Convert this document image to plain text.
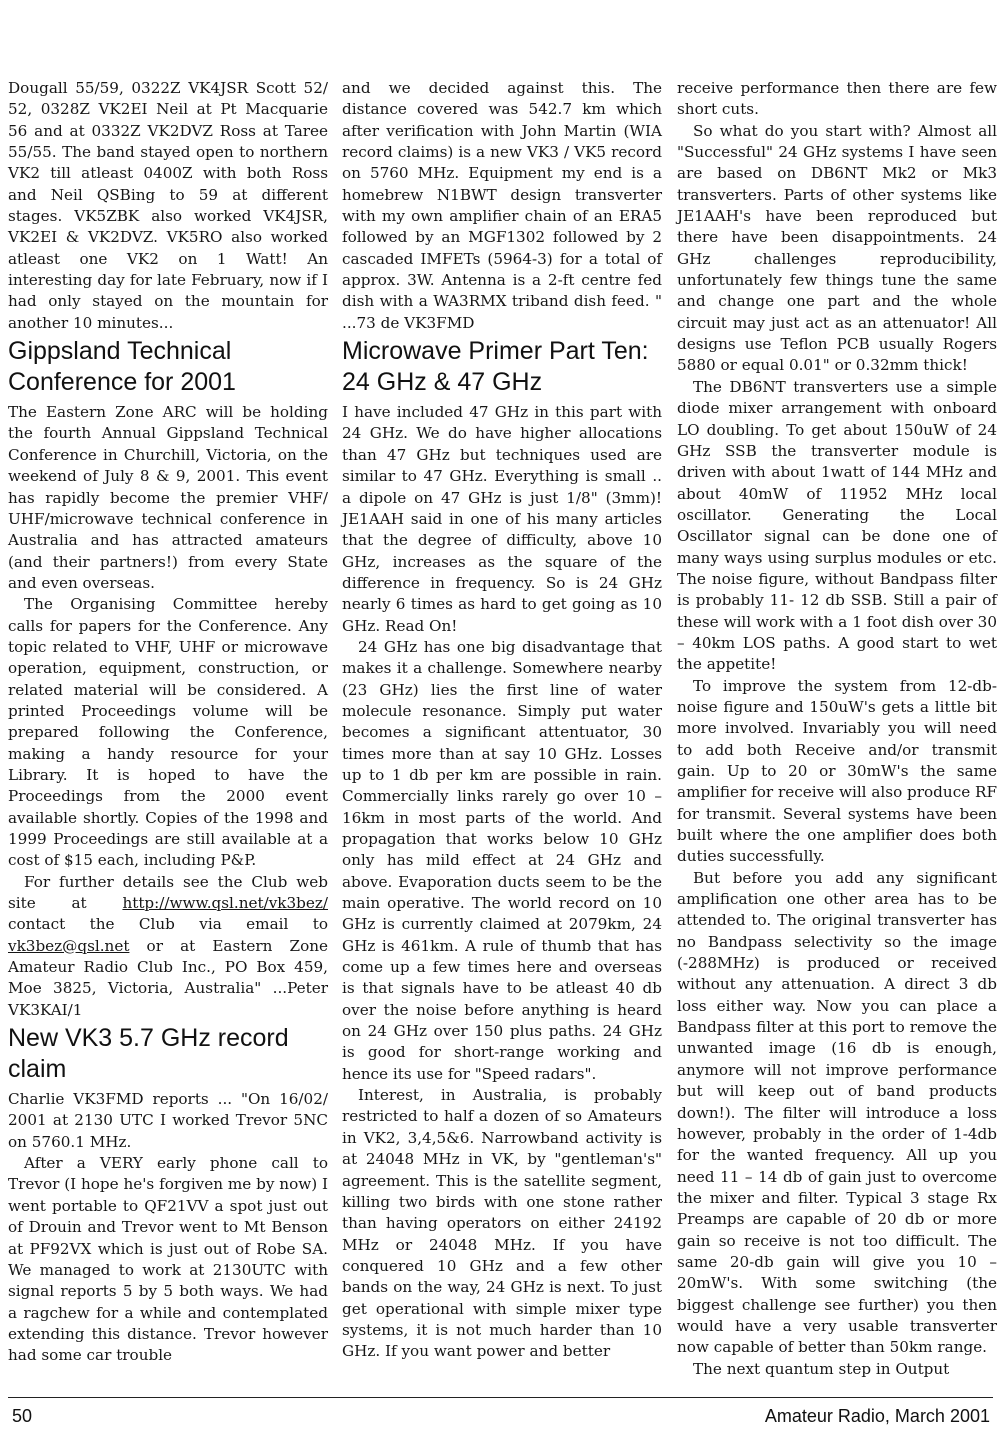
Dougall 55/59, 0322Z VK4JSR Scott 52/ 52, 0328Z VK2EI Neil at Pt Macquarie 56 and at 0332Z VK2DVZ Ross at Taree 55/55. The band stayed open to northern VK2 till atleast 0400Z with both Ross and Neil QSBing to 59 at different stages. VK5ZBK also worked VK4JSR, VK2EI & VK2DVZ. VK5RO also worked atleast one VK2 on 1 Watt! An interesting day for late February, now if I had only stayed on the mountain for another 10 minutes...

Gippsland Technical Conference for 2001

The Eastern Zone ARC will be holding the fourth Annual Gippsland Technical Conference in Churchill, Victoria, on the weekend of July 8 & 9, 2001. This event has rapidly become the premier VHF/ UHF/microwave technical conference in Australia and has attracted amateurs (and their partners!) from every State and even overseas.

The Organising Committee hereby calls for papers for the Conference. Any topic related to VHF, UHF or microwave operation, equipment, construction, or related material will be considered. A printed Proceedings volume will be prepared following the Conference, making a handy resource for your Library. It is hoped to have the Proceedings from the 2000 event available shortly. Copies of the 1998 and 1999 Proceedings are still available at a cost of $15 each, including P&P.

For further details see the Club web site at http://www.qsl.net/vk3bez/ contact the Club via email to vk3bez@qsl.net or at Eastern Zone Amateur Radio Club Inc., PO Box 459, Moe 3825, Victoria, Australia" ...Peter VK3KAI/1

New VK3 5.7 GHz record claim

Charlie VK3FMD reports ... "On 16/02/ 2001 at 2130 UTC I worked Trevor 5NC on 5760.1 MHz.

After a VERY early phone call to Trevor (I hope he's forgiven me by now) I went portable to QF21VV a spot just out of Drouin and Trevor went to Mt Benson at PF92VX which is just out of Robe SA. We managed to work at 2130UTC with signal reports 5 by 5 both ways. We had a ragchew for a while and contemplated extending this distance. Trevor however had some car trouble

and we decided against this. The distance covered was 542.7 km which after verification with John Martin (WIA record claims) is a new VK3 / VK5 record on 5760 MHz. Equipment my end is a homebrew N1BWT design transverter with my own amplifier chain of an ERA5 followed by an MGF1302 followed by 2 cascaded IMFETs (5964-3) for a total of approx. 3W. Antenna is a 2-ft centre fed dish with a WA3RMX triband dish feed. " ...73 de VK3FMD

Microwave Primer Part Ten: 24 GHz & 47 GHz

I have included 47 GHz in this part with 24 GHz. We do have higher allocations than 47 GHz but techniques used are similar to 47 GHz. Everything is small .. a dipole on 47 GHz is just 1/8" (3mm)! JE1AAH said in one of his many articles that the degree of difficulty, above 10 GHz, increases as the square of the difference in frequency. So is 24 GHz nearly 6 times as hard to get going as 10 GHz. Read On!

24 GHz has one big disadvantage that makes it a challenge. Somewhere nearby (23 GHz) lies the first line of water molecule resonance. Simply put water becomes a significant attentuator, 30 times more than at say 10 GHz. Losses up to 1 db per km are possible in rain. Commercially links rarely go over 10 – 16km in most parts of the world. And propagation that works below 10 GHz only has mild effect at 24 GHz and above. Evaporation ducts seem to be the main operative. The world record on 10 GHz is currently claimed at 2079km, 24 GHz is 461km. A rule of thumb that has come up a few times here and overseas is that signals have to be atleast 40 db over the noise before anything is heard on 24 GHz over 150 plus paths. 24 GHz is good for short-range working and hence its use for "Speed radars".

Interest, in Australia, is probably restricted to half a dozen of so Amateurs in VK2, 3,4,5&6. Narrowband activity is at 24048 MHz in VK, by "gentleman's" agreement. This is the satellite segment, killing two birds with one stone rather than having operators on either 24192 MHz or 24048 MHz. If you have conquered 10 GHz and a few other bands on the way, 24 GHz is next. To just get operational with simple mixer type systems, it is not much harder than 10 GHz. If you want power and better

receive performance then there are few short cuts.

So what do you start with? Almost all "Successful" 24 GHz systems I have seen are based on DB6NT Mk2 or Mk3 transverters. Parts of other systems like JE1AAH's have been reproduced but there have been disappointments. 24 GHz challenges reproducibility, unfortunately few things tune the same and change one part and the whole circuit may just act as an attenuator! All designs use Teflon PCB usually Rogers 5880 or equal 0.01" or 0.32mm thick!

The DB6NT transverters use a simple diode mixer arrangement with onboard LO doubling. To get about 150uW of 24 GHz SSB the transverter module is driven with about 1watt of 144 MHz and about 40mW of 11952 MHz local oscillator. Generating the Local Oscillator signal can be done one of many ways using surplus modules or etc. The noise figure, without Bandpass filter is probably 11- 12 db SSB. Still a pair of these will work with a 1 foot dish over 30 – 40km LOS paths. A good start to wet the appetite!

To improve the system from 12-db-noise figure and 150uW's gets a little bit more involved. Invariably you will need to add both Receive and/or transmit gain. Up to 20 or 30mW's the same amplifier for receive will also produce RF for transmit. Several systems have been built where the one amplifier does both duties successfully.

But before you add any significant amplification one other area has to be attended to. The original transverter has no Bandpass selectivity so the image (-288MHz) is produced or received without any attenuation. A direct 3 db loss either way. Now you can place a Bandpass filter at this port to remove the unwanted image (16 db is enough, anymore will not improve performance but will keep out of band products down!). The filter will introduce a loss however, probably in the order of 1-4db for the wanted frequency. All up you need 11 – 14 db of gain just to overcome the mixer and filter. Typical 3 stage Rx Preamps are capable of 20 db or more gain so receive is not too difficult. The same 20-db gain will give you 10 – 20mW's. With some switching (the biggest challenge see further) you then would have a very usable transverter now capable of better than 50km range.

The next quantum step in Output

50	Amateur Radio, March 2001
